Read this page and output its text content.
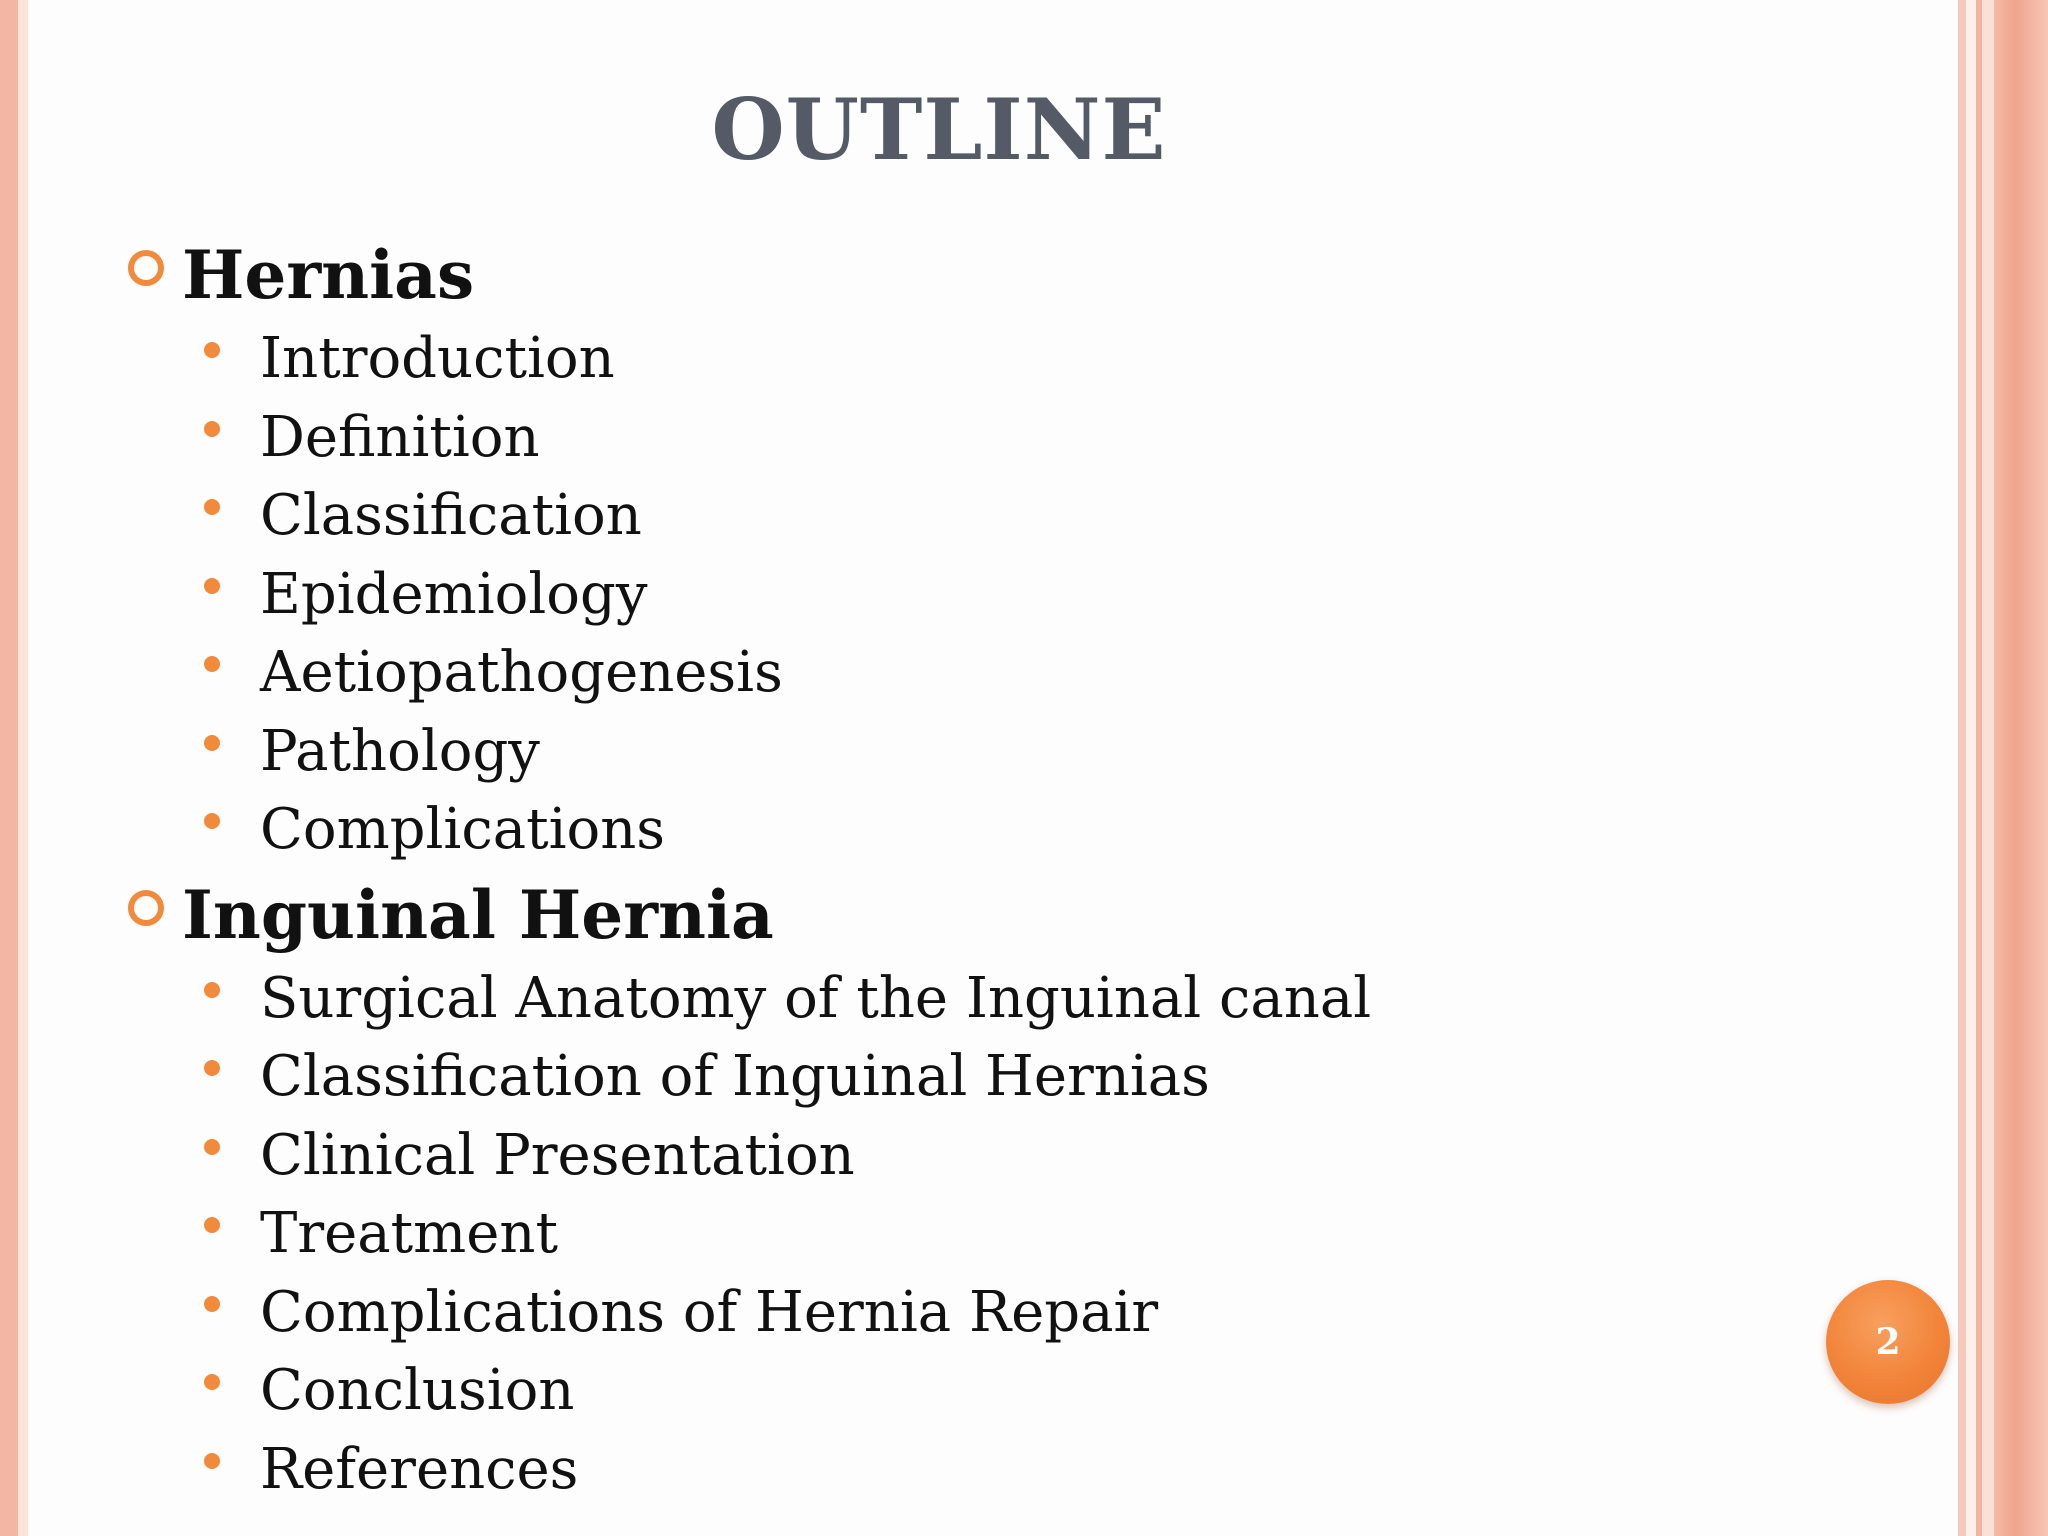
OUTLINE
Hernias
Introduction
Definition
Classification
Epidemiology
Aetiopathogenesis
Pathology
Complications
Inguinal Hernia
Surgical Anatomy of the Inguinal canal
Classification of Inguinal Hernias
Clinical Presentation
Treatment
Complications of Hernia Repair
Conclusion
References
2
